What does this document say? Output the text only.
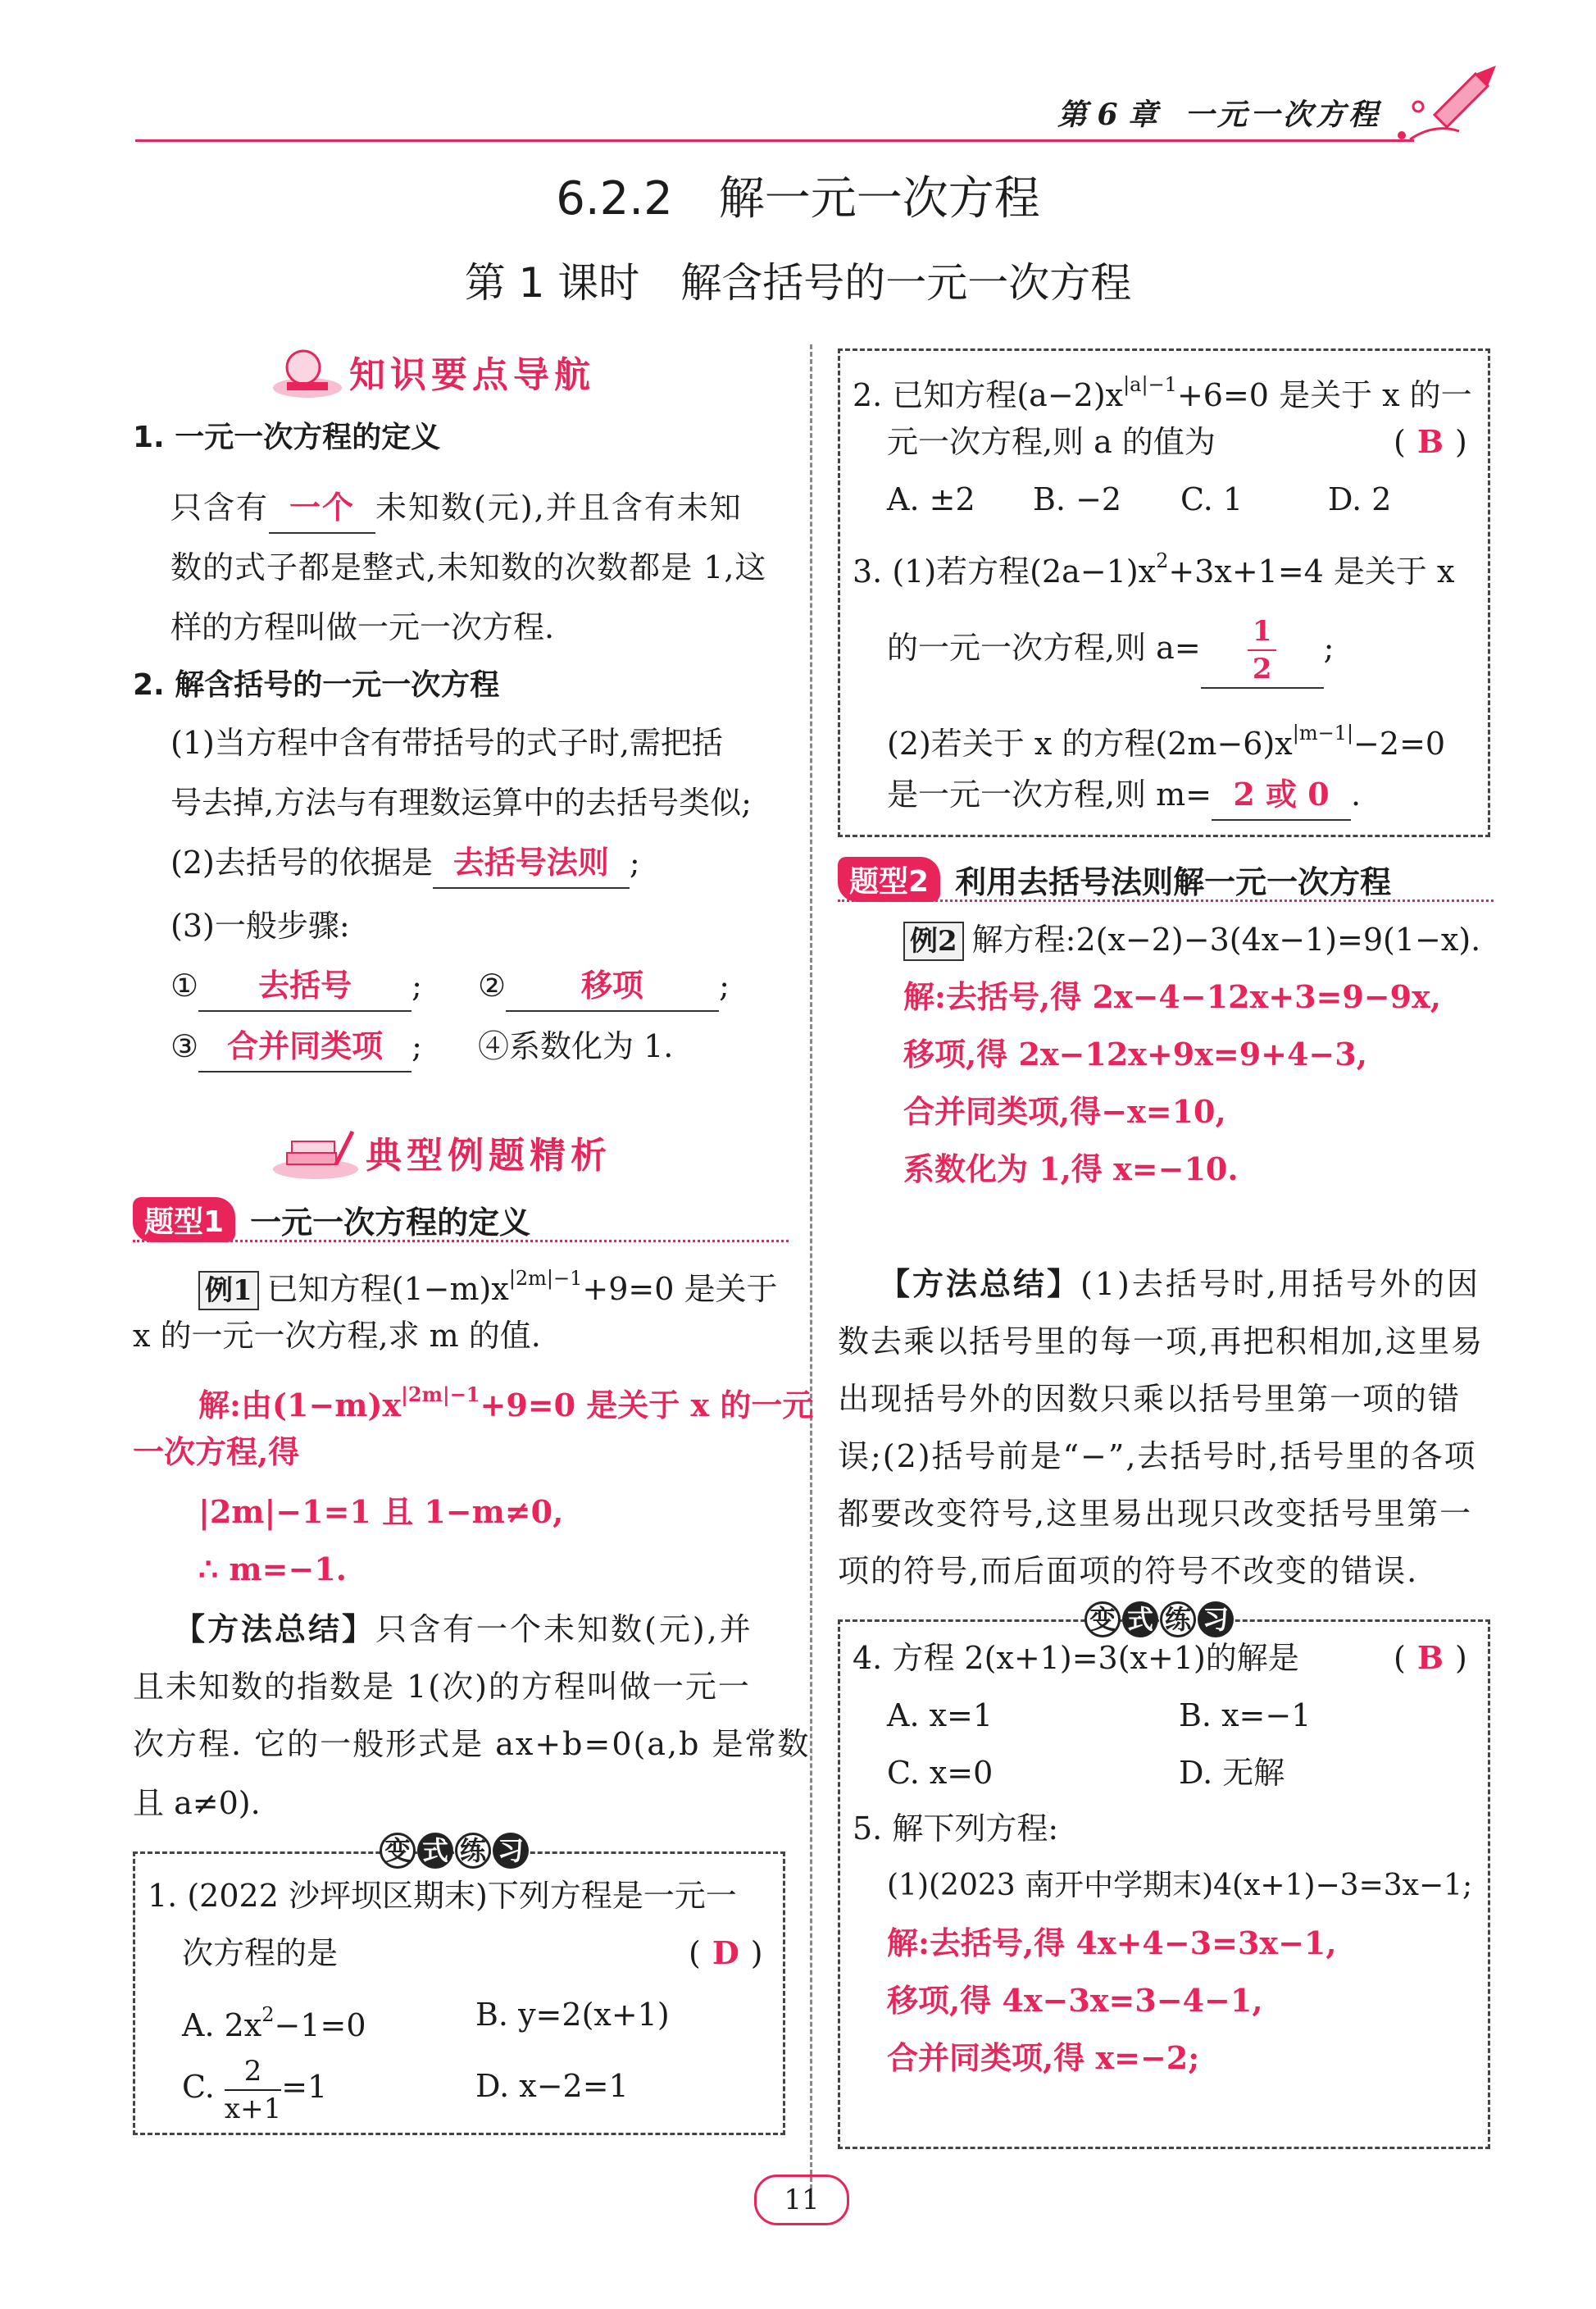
第 6 章 一元一次方程
6.2.2　解一元一次方程
第 1 课时　解含括号的一元一次方程
知识要点导航
1. 一元一次方程的定义
只含有 一个 未知数(元),并且含有未知
数的式子都是整式,未知数的次数都是 1,这
样的方程叫做一元一次方程.
2. 解含括号的一元一次方程
(1)当方程中含有带括号的式子时,需把括
号去掉,方法与有理数运算中的去括号类似;
(2)去括号的依据是 去括号法则 ;
(3)一般步骤:
① 去括号 ; ② 移项 ;
③ 合并同类项 ; ④系数化为 1.
典型例题精析
题型1 一元一次方程的定义
例1 已知方程$(1-m)x^{|2m|-1}+9=0$ 是关于
x 的一元一次方程,求 m 的值.
解:由$(1-m)x^{|2m|-1}+9=0$ 是关于 x 的一元
一次方程,得
|2m|−1=1 且 1−m≠0,
∴ m=−1.
【方法总结】只含有一个未知数(元),并
且未知数的指数是 1(次)的方程叫做一元一
次方程. 它的一般形式是 ax+b=0(a,b 是常数
且 a≠0).
变 式 练 习
1. (2022 沙坪坝区期末)下列方程是一元一
次方程的是	( D )
A. $2x^2-1=0$	B. y=2(x+1)
C. $\frac{2}{x+1} =1$	D. x−2=1
2. 已知方程$(a-2)x^{|a|-1}+6=0$ 是关于 x 的一
元一次方程,则 a 的值为	( B )
A. ±2	B. −2	C. 1	D. 2
3. (1)若方程$(2a-1)x^2+3x+1=4$ 是关于 x
的一元一次方程,则 $a= \frac{1}{2}$ ;
(2)若关于 x 的方程$(2m-6)x^{|m-1|}-2=0$
是一元一次方程,则 m= 2 或 0 .
题型2 利用去括号法则解一元一次方程
例2 解方程:2(x−2)−3(4x−1)=9(1−x).
解:去括号,得 2x−4−12x+3=9−9x,
移项,得 2x−12x+9x=9+4−3,
合并同类项,得−x=10,
系数化为 1,得 x=−10.
【方法总结】(1)去括号时,用括号外的因
数去乘以括号里的每一项,再把积相加,这里易
出现括号外的因数只乘以括号里第一项的错
误;(2)括号前是“−”,去括号时,括号里的各项
都要改变符号,这里易出现只改变括号里第一
项的符号,而后面项的符号不改变的错误.
变 式 练 习
4. 方程 2(x+1)=3(x+1)的解是	( B )
A. x=1	B. x=−1
C. x=0	D. 无解
5. 解下列方程:
(1)(2023 南开中学期末)4(x+1)−3=3x−1;
解:去括号,得 4x+4−3=3x−1,
移项,得 4x−3x=3−4−1,
合并同类项,得 x=−2;
11
